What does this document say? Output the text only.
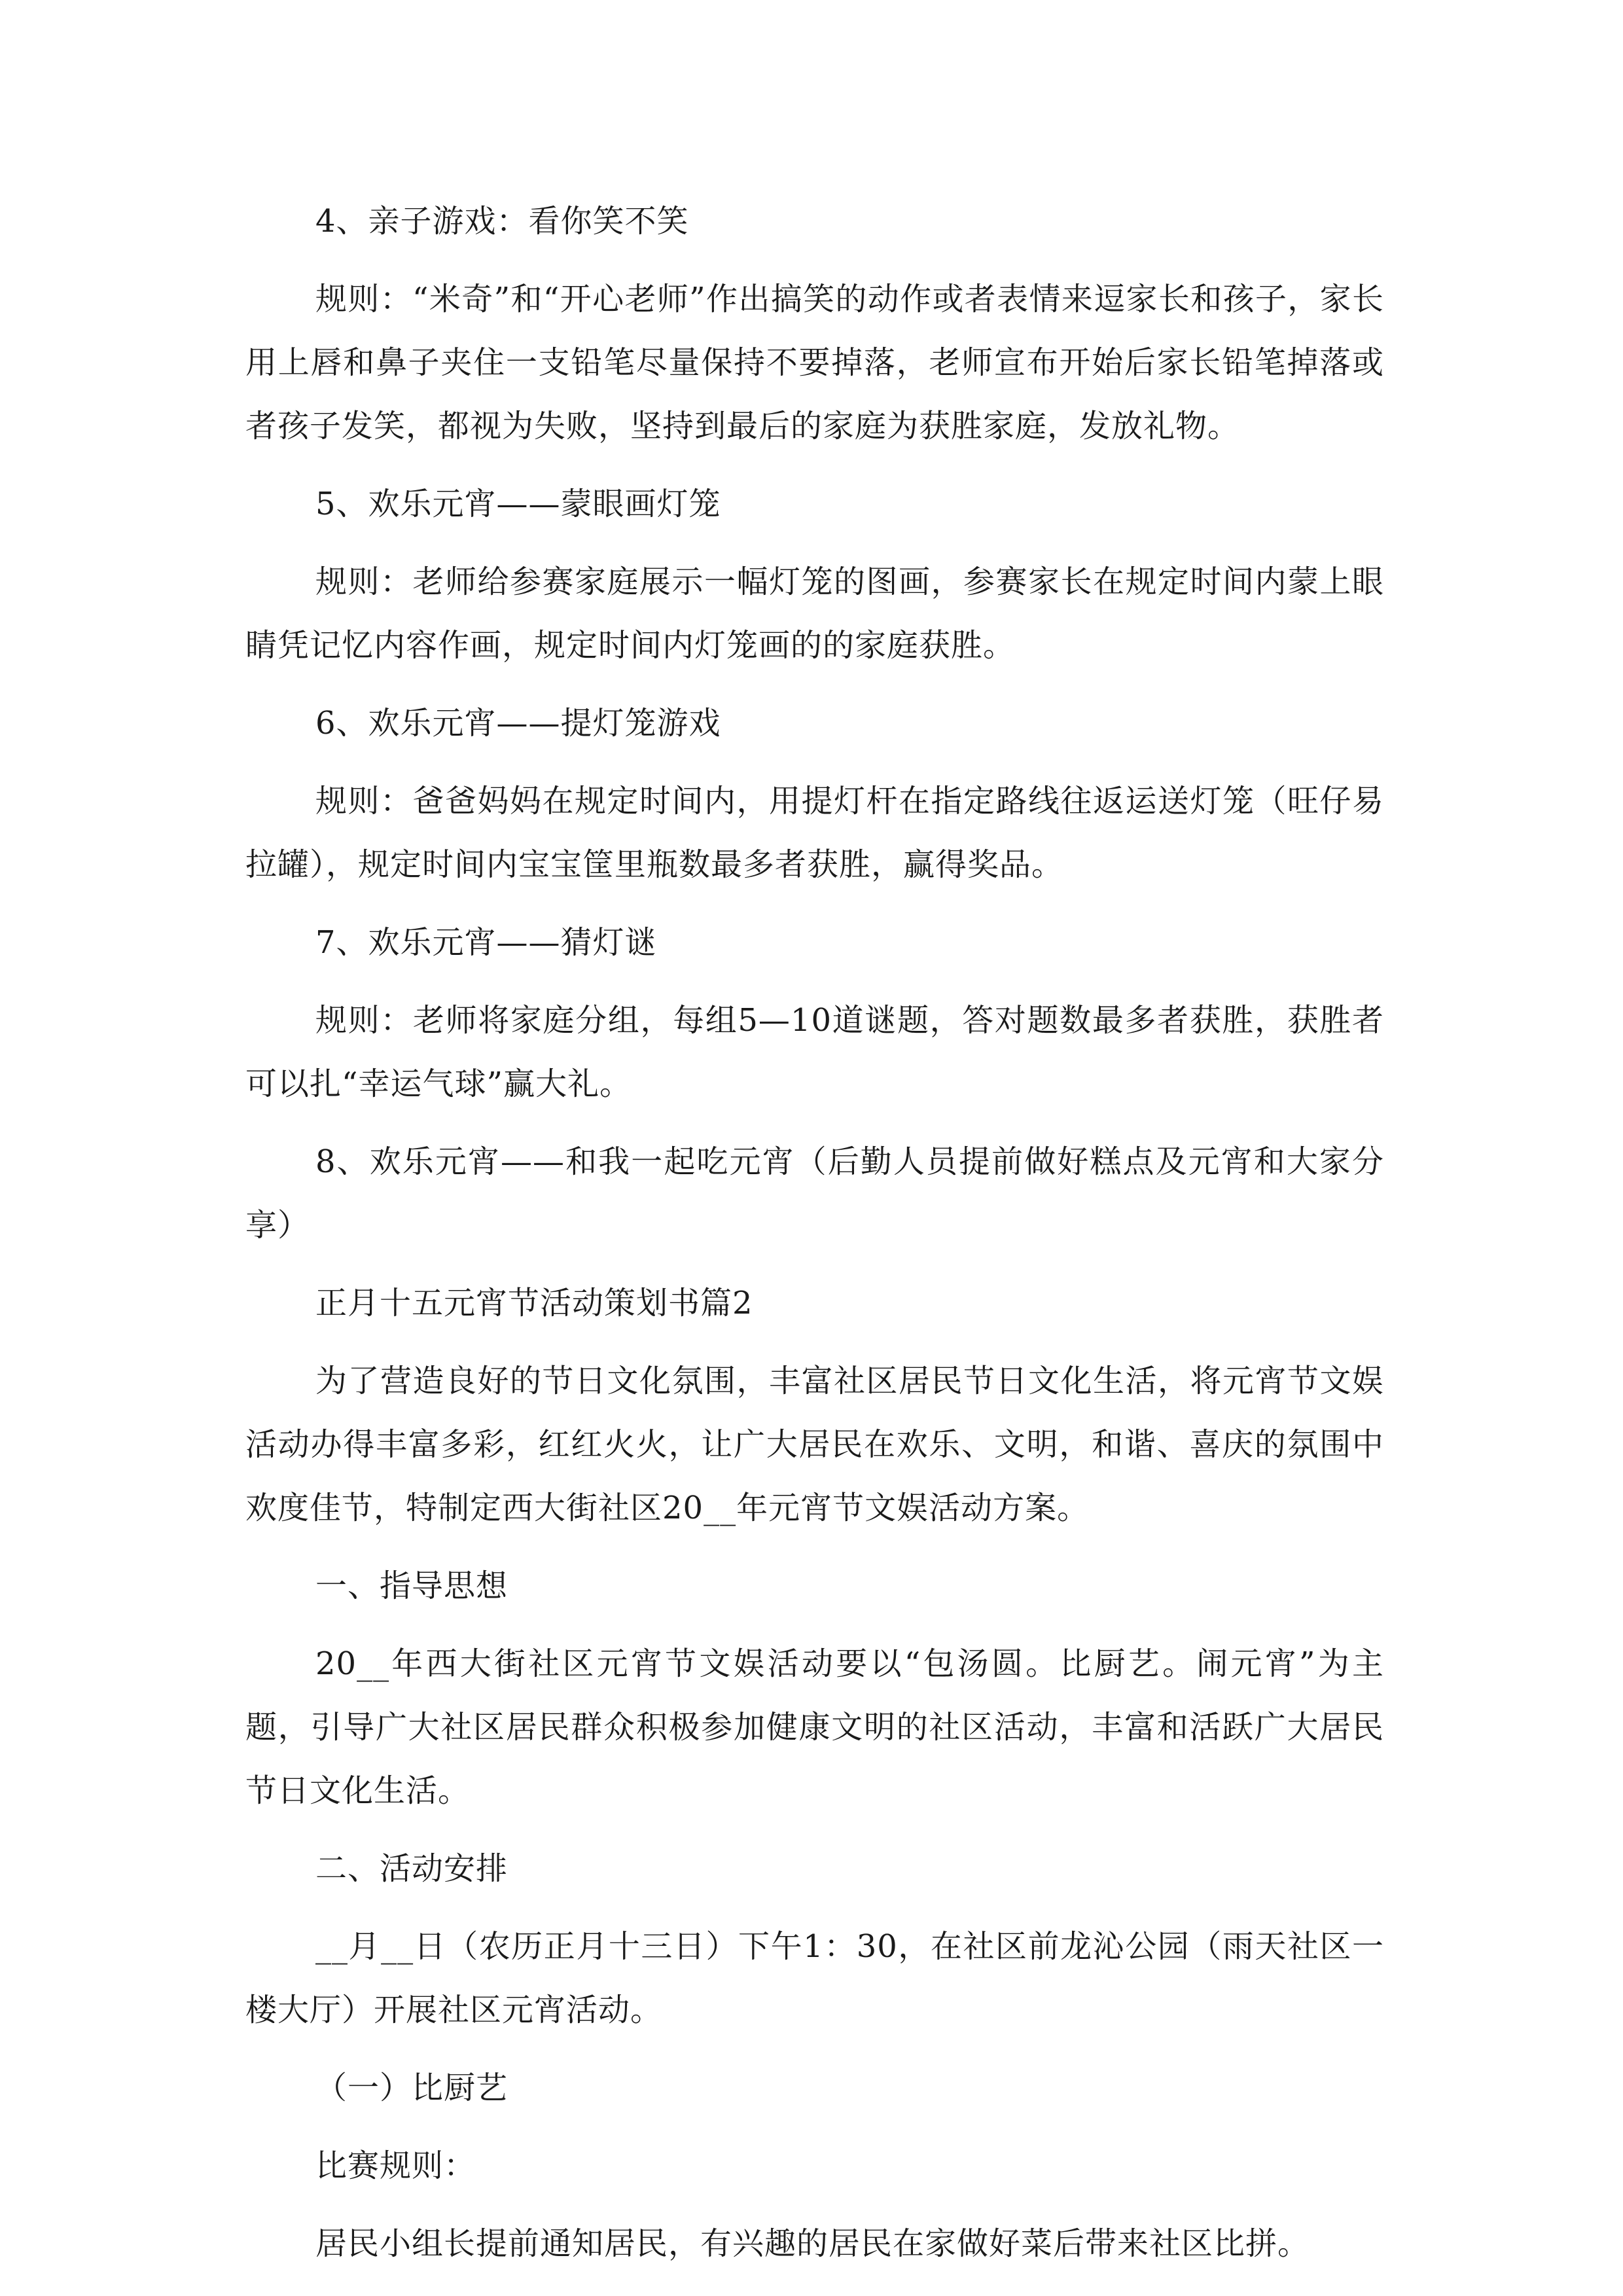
4、亲子游戏：看你笑不笑

规则：“米奇”和“开心老师”作出搞笑的动作或者表情来逗家长和孩子，家长用上唇和鼻子夹住一支铅笔尽量保持不要掉落，老师宣布开始后家长铅笔掉落或者孩子发笑，都视为失败，坚持到最后的家庭为获胜家庭，发放礼物。

5、欢乐元宵——蒙眼画灯笼

规则：老师给参赛家庭展示一幅灯笼的图画，参赛家长在规定时间内蒙上眼睛凭记忆内容作画，规定时间内灯笼画的的家庭获胜。

6、欢乐元宵——提灯笼游戏

规则：爸爸妈妈在规定时间内，用提灯杆在指定路线往返运送灯笼（旺仔易拉罐），规定时间内宝宝筐里瓶数最多者获胜，赢得奖品。

7、欢乐元宵——猜灯谜

规则：老师将家庭分组，每组5—10道谜题，答对题数最多者获胜，获胜者可以扎“幸运气球”赢大礼。

8、欢乐元宵——和我一起吃元宵（后勤人员提前做好糕点及元宵和大家分享）

正月十五元宵节活动策划书篇2

为了营造良好的节日文化氛围，丰富社区居民节日文化生活，将元宵节文娱活动办得丰富多彩，红红火火，让广大居民在欢乐、文明，和谐、喜庆的氛围中欢度佳节，特制定西大街社区20__年元宵节文娱活动方案。

一、指导思想

20__年西大街社区元宵节文娱活动要以“包汤圆。比厨艺。闹元宵”为主题，引导广大社区居民群众积极参加健康文明的社区活动，丰富和活跃广大居民节日文化生活。

二、活动安排

__月__日（农历正月十三日）下午1：30，在社区前龙沁公园（雨天社区一楼大厅）开展社区元宵活动。

（一）比厨艺

比赛规则：

居民小组长提前通知居民，有兴趣的居民在家做好菜后带来社区比拼。
